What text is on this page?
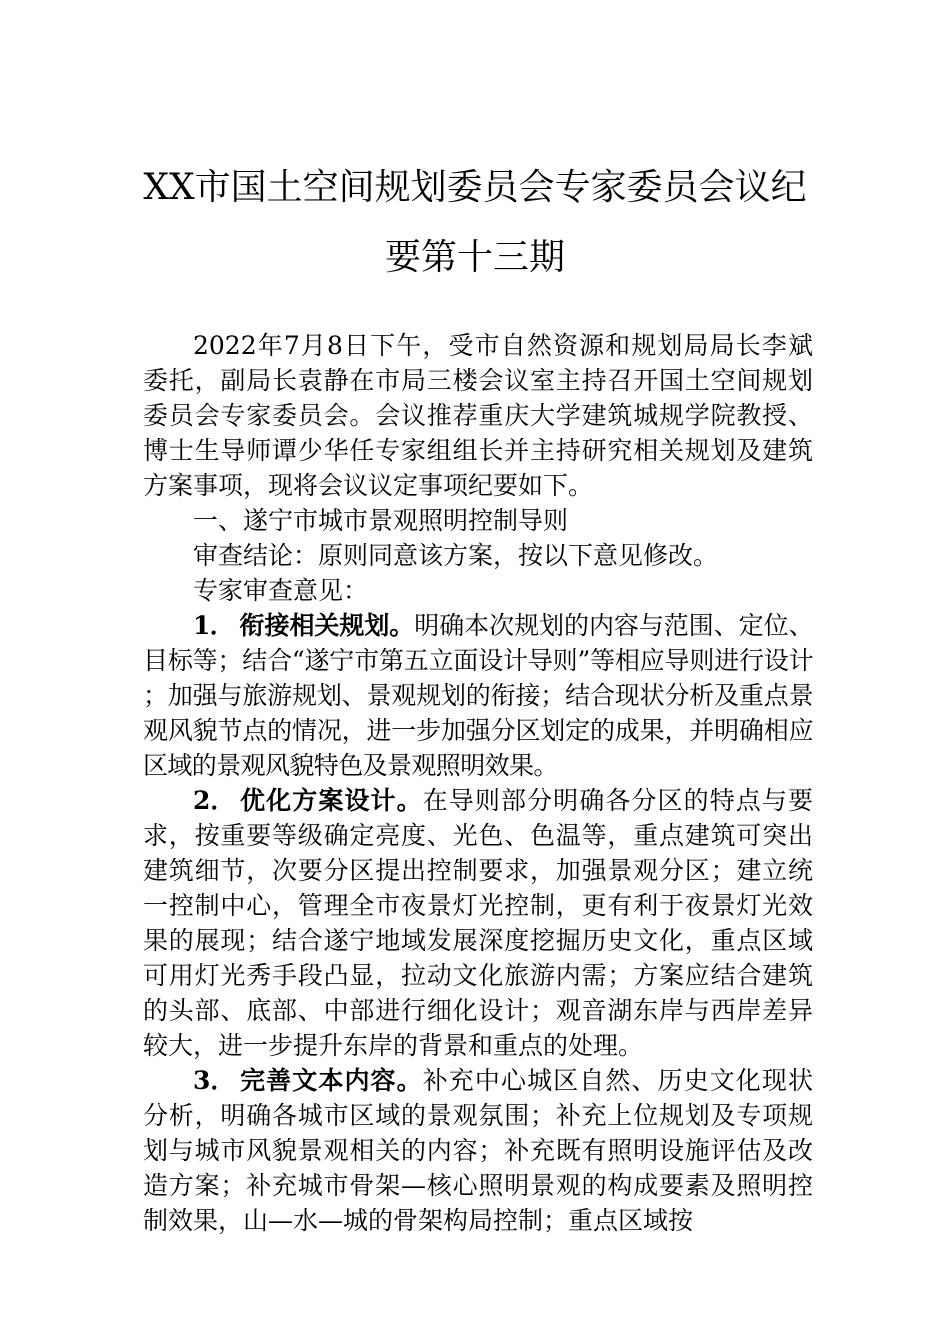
XX市国土空间规划委员会专家委员会议纪
要第十三期

2022年7月8日下午，受市自然资源和规划局局长李斌委托，副局长袁静在市局三楼会议室主持召开国土空间规划委员会专家委员会。会议推荐重庆大学建筑城规学院教授、博士生导师谭少华任专家组组长并主持研究相关规划及建筑方案事项，现将会议议定事项纪要如下。

一、遂宁市城市景观照明控制导则

审查结论：原则同意该方案，按以下意见修改。

专家审查意见：

1． 衔接相关规划。明确本次规划的内容与范围、定位、目标等；结合“遂宁市第五立面设计导则”等相应导则进行设计；加强与旅游规划、景观规划的衔接；结合现状分析及重点景观风貌节点的情况，进一步加强分区划定的成果，并明确相应区域的景观风貌特色及景观照明效果。

2． 优化方案设计。在导则部分明确各分区的特点与要求，按重要等级确定亮度、光色、色温等，重点建筑可突出建筑细节，次要分区提出控制要求，加强景观分区；建立统一控制中心，管理全市夜景灯光控制，更有利于夜景灯光效果的展现；结合遂宁地域发展深度挖掘历史文化，重点区域可用灯光秀手段凸显，拉动文化旅游内需；方案应结合建筑的头部、底部、中部进行细化设计；观音湖东岸与西岸差异较大，进一步提升东岸的背景和重点的处理。

3． 完善文本内容。补充中心城区自然、历史文化现状分析，明确各城市区域的景观氛围；补充上位规划及专项规划与城市风貌景观相关的内容；补充既有照明设施评估及改造方案；补充城市骨架—核心照明景观的构成要素及照明控制效果，山—水—城的骨架构局控制；重点区域按
